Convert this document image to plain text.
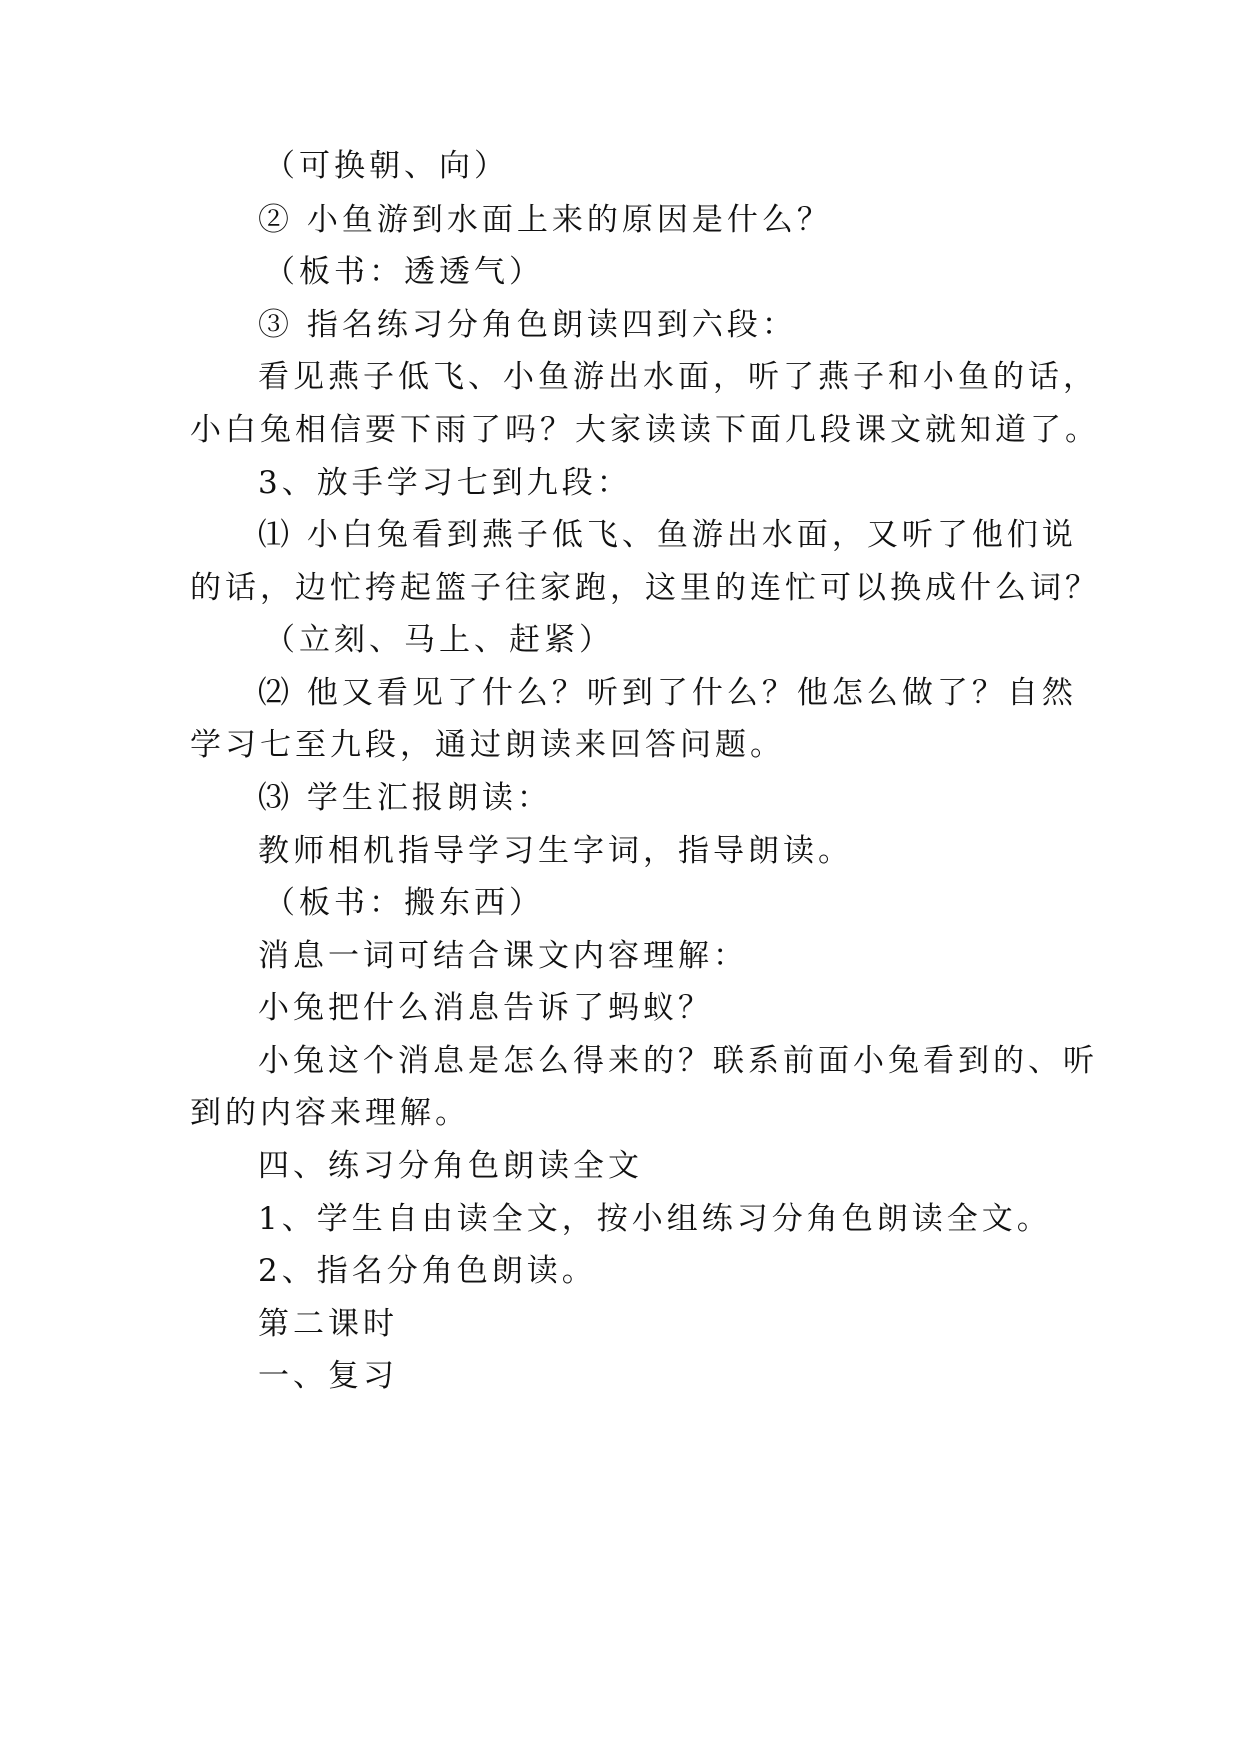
（可换朝、向）
② 小鱼游到水面上来的原因是什么？
（板书：透透气）
③ 指名练习分角色朗读四到六段：
看见燕子低飞、小鱼游出水面，听了燕子和小鱼的话，
小白兔相信要下雨了吗？大家读读下面几段课文就知道了。
3、放手学习七到九段：
⑴ 小白兔看到燕子低飞、鱼游出水面，又听了他们说
的话，边忙挎起篮子往家跑，这里的连忙可以换成什么词？
（立刻、马上、赶紧）
⑵ 他又看见了什么？听到了什么？他怎么做了？自然
学习七至九段，通过朗读来回答问题。
⑶ 学生汇报朗读：
教师相机指导学习生字词，指导朗读。
（板书：搬东西）
消息一词可结合课文内容理解：
小兔把什么消息告诉了蚂蚁？
小兔这个消息是怎么得来的？联系前面小兔看到的、听
到的内容来理解。
四、练习分角色朗读全文
1、学生自由读全文，按小组练习分角色朗读全文。
2、指名分角色朗读。
第二课时
一、复习
